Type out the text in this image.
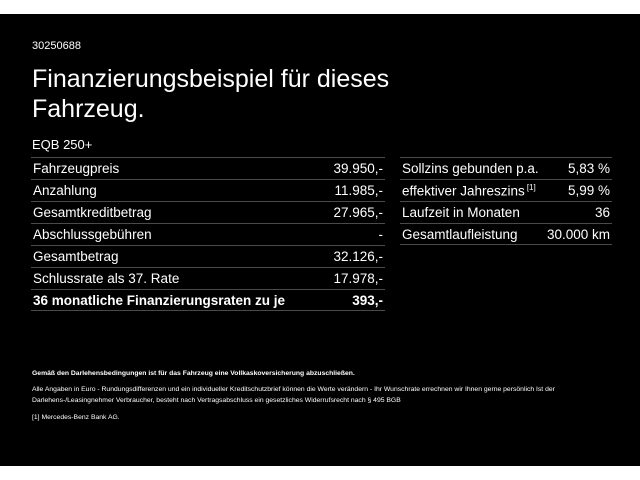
30250688
Finanzierungsbeispiel für dieses Fahrzeug.
EQB 250+
Fahrzeugpreis	39.950,-
Anzahlung	11.985,-
Gesamtkreditbetrag	27.965,-
Abschlussgebühren	-
Gesamtbetrag	32.126,-
Schlussrate als 37. Rate	17.978,-
36 monatliche Finanzierungsraten zu je	393,-
Sollzins gebunden p.a. 5,83 %
effektiver Jahreszins [1] 5,99 %
Laufzeit in Monaten	36
Gesamtlaufleistung 30.000 km
Gemäß den Darlehensbedingungen ist für das Fahrzeug eine Vollkaskoversicherung abzuschließen.
Alle Angaben in Euro - Rundungsdifferenzen und ein individueller Kreditschutzbrief können die Werte verändern - Ihr Wunschrate errechnen wir Ihnen gerne persönlich Ist der Darlehens-/Leasingnehmer Verbraucher, besteht nach Vertragsabschluss ein gesetzliches Widerrufsrecht nach § 495 BGB
[1] Mercedes-Benz Bank AG.
